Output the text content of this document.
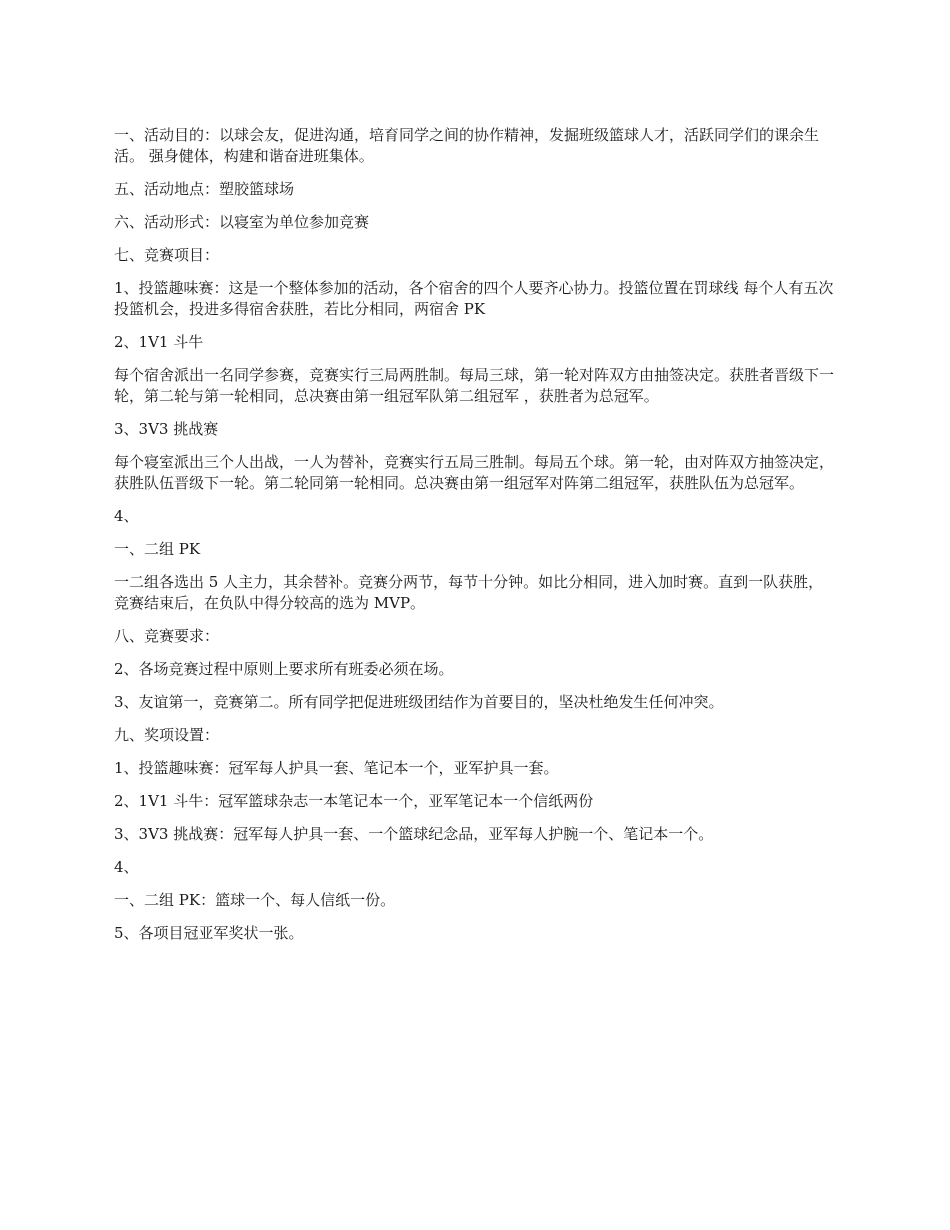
一、活动目的：以球会友，促进沟通，培育同学之间的协作精神，发掘班级篮球人才，活跃同学们的课余生活。 强身健体，构建和谐奋进班集体。

五、活动地点：塑胶篮球场

六、活动形式：以寝室为单位参加竞赛

七、竞赛项目：

1、投篮趣味赛：这是一个整体参加的活动，各个宿舍的四个人要齐心协力。投篮位置在罚球线 每个人有五次投篮机会，投进多得宿舍获胜，若比分相同，两宿舍 PK

2、1V1 斗牛

每个宿舍派出一名同学参赛，竞赛实行三局两胜制。每局三球，第一轮对阵双方由抽签决定。获胜者晋级下一轮，第二轮与第一轮相同，总决赛由第一组冠军队第二组冠军 ，获胜者为总冠军。

3、3V3 挑战赛

每个寝室派出三个人出战，一人为替补，竞赛实行五局三胜制。每局五个球。第一轮，由对阵双方抽签决定，获胜队伍晋级下一轮。第二轮同第一轮相同。总决赛由第一组冠军对阵第二组冠军，获胜队伍为总冠军。

4、

一、二组 PK

一二组各选出 5 人主力，其余替补。竞赛分两节，每节十分钟。如比分相同，进入加时赛。直到一队获胜，竞赛结束后，在负队中得分较高的选为 MVP。

八、竞赛要求：

2、各场竞赛过程中原则上要求所有班委必须在场。

3、友谊第一，竞赛第二。所有同学把促进班级团结作为首要目的，坚决杜绝发生任何冲突。

九、奖项设置：

1、投篮趣味赛：冠军每人护具一套、笔记本一个，亚军护具一套。

2、1V1 斗牛：冠军篮球杂志一本笔记本一个，亚军笔记本一个信纸两份

3、3V3 挑战赛：冠军每人护具一套、一个篮球纪念品，亚军每人护腕一个、笔记本一个。

4、

一、二组 PK：篮球一个、每人信纸一份。

5、各项目冠亚军奖状一张。
